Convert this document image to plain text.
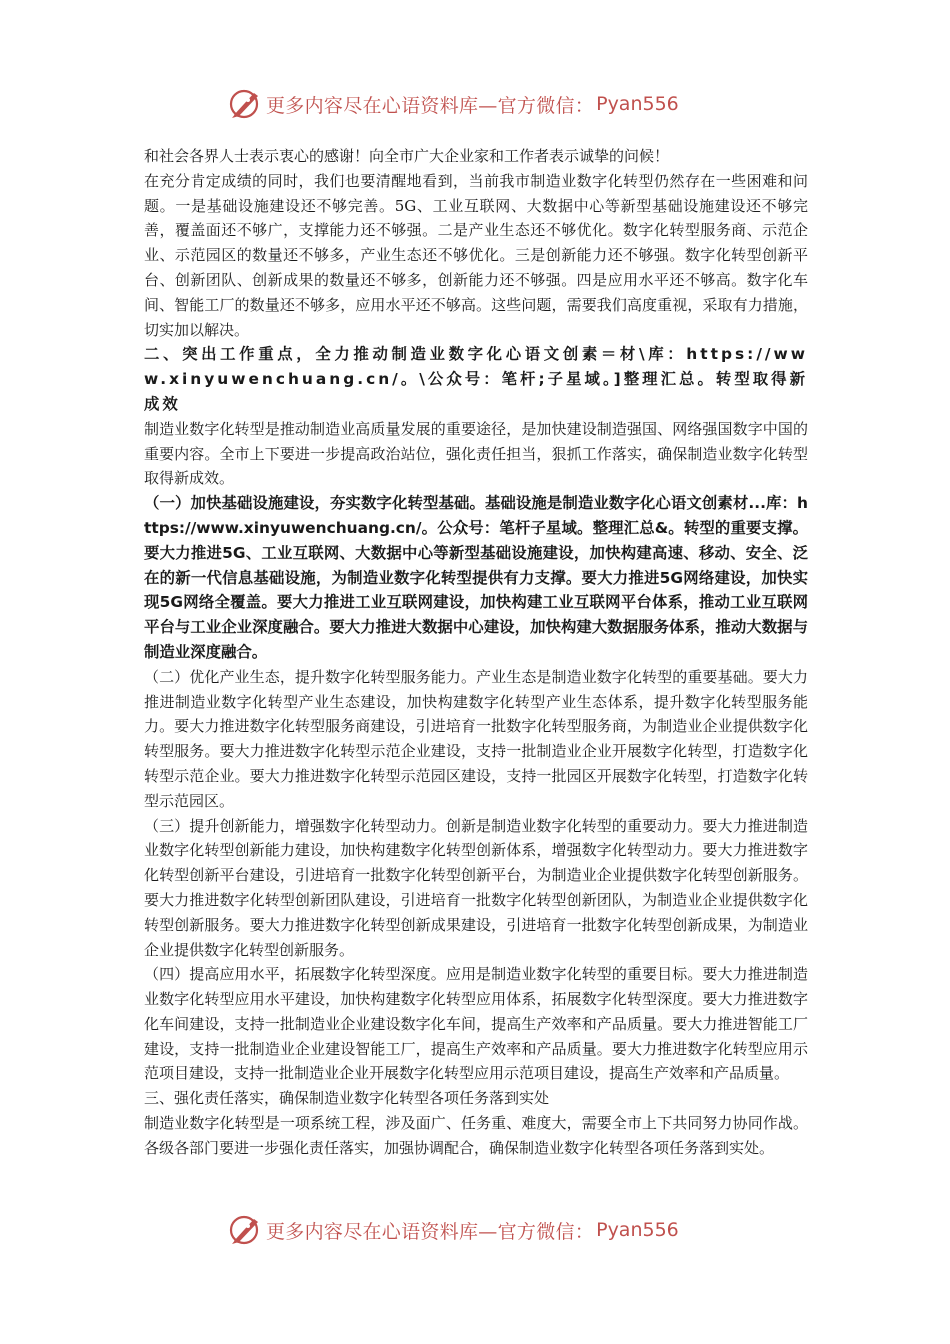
更多内容尽在心语资料库—官方微信： Pyan556

和社会各界人士表示衷心的感谢！向全市广大企业家和工作者表示诚挚的问候！

在充分肯定成绩的同时，我们也要清醒地看到，当前我市制造业数字化转型仍然存在一些困难和问题。一是基础设施建设还不够完善。5G、工业互联网、大数据中心等新型基础设施建设还不够完善，覆盖面还不够广，支撑能力还不够强。二是产业生态还不够优化。数字化转型服务商、示范企业、示范园区的数量还不够多，产业生态还不够优化。三是创新能力还不够强。数字化转型创新平台、创新团队、创新成果的数量还不够多，创新能力还不够强。四是应用水平还不够高。数字化车间、智能工厂的数量还不够多，应用水平还不够高。这些问题，需要我们高度重视，采取有力措施，切实加以解决。

二、突出工作重点，全力推动制造业数字化心语文创素＝材\库：https://www.xinyuwenchuang.cn/。\公众号：笔杆;子星域。]整理汇总。转型取得新成效

制造业数字化转型是推动制造业高质量发展的重要途径，是加快建设制造强国、网络强国数字中国的重要内容。全市上下要进一步提高政治站位，强化责任担当，狠抓工作落实，确保制造业数字化转型取得新成效。

（一）加快基础设施建设，夯实数字化转型基础。基础设施是制造业数字化心语文创素材...库：https://www.xinyuwenchuang.cn/。公众号：笔杆子星域。整理汇总&。转型的重要支撑。要大力推进5G、工业互联网、大数据中心等新型基础设施建设，加快构建高速、移动、安全、泛在的新一代信息基础设施，为制造业数字化转型提供有力支撑。要大力推进5G网络建设，加快实现5G网络全覆盖。要大力推进工业互联网建设，加快构建工业互联网平台体系，推动工业互联网平台与工业企业深度融合。要大力推进大数据中心建设，加快构建大数据服务体系，推动大数据与制造业深度融合。

（二）优化产业生态，提升数字化转型服务能力。产业生态是制造业数字化转型的重要基础。要大力推进制造业数字化转型产业生态建设，加快构建数字化转型产业生态体系，提升数字化转型服务能力。要大力推进数字化转型服务商建设，引进培育一批数字化转型服务商，为制造业企业提供数字化转型服务。要大力推进数字化转型示范企业建设，支持一批制造业企业开展数字化转型，打造数字化转型示范企业。要大力推进数字化转型示范园区建设，支持一批园区开展数字化转型，打造数字化转型示范园区。

（三）提升创新能力，增强数字化转型动力。创新是制造业数字化转型的重要动力。要大力推进制造业数字化转型创新能力建设，加快构建数字化转型创新体系，增强数字化转型动力。要大力推进数字化转型创新平台建设，引进培育一批数字化转型创新平台，为制造业企业提供数字化转型创新服务。要大力推进数字化转型创新团队建设，引进培育一批数字化转型创新团队，为制造业企业提供数字化转型创新服务。要大力推进数字化转型创新成果建设，引进培育一批数字化转型创新成果，为制造业企业提供数字化转型创新服务。

（四）提高应用水平，拓展数字化转型深度。应用是制造业数字化转型的重要目标。要大力推进制造业数字化转型应用水平建设，加快构建数字化转型应用体系，拓展数字化转型深度。要大力推进数字化车间建设，支持一批制造业企业建设数字化车间，提高生产效率和产品质量。要大力推进智能工厂建设，支持一批制造业企业建设智能工厂，提高生产效率和产品质量。要大力推进数字化转型应用示范项目建设，支持一批制造业企业开展数字化转型应用示范项目建设，提高生产效率和产品质量。

三、强化责任落实，确保制造业数字化转型各项任务落到实处

制造业数字化转型是一项系统工程，涉及面广、任务重、难度大，需要全市上下共同努力协同作战。各级各部门要进一步强化责任落实，加强协调配合，确保制造业数字化转型各项任务落到实处。

更多内容尽在心语资料库—官方微信： Pyan556
